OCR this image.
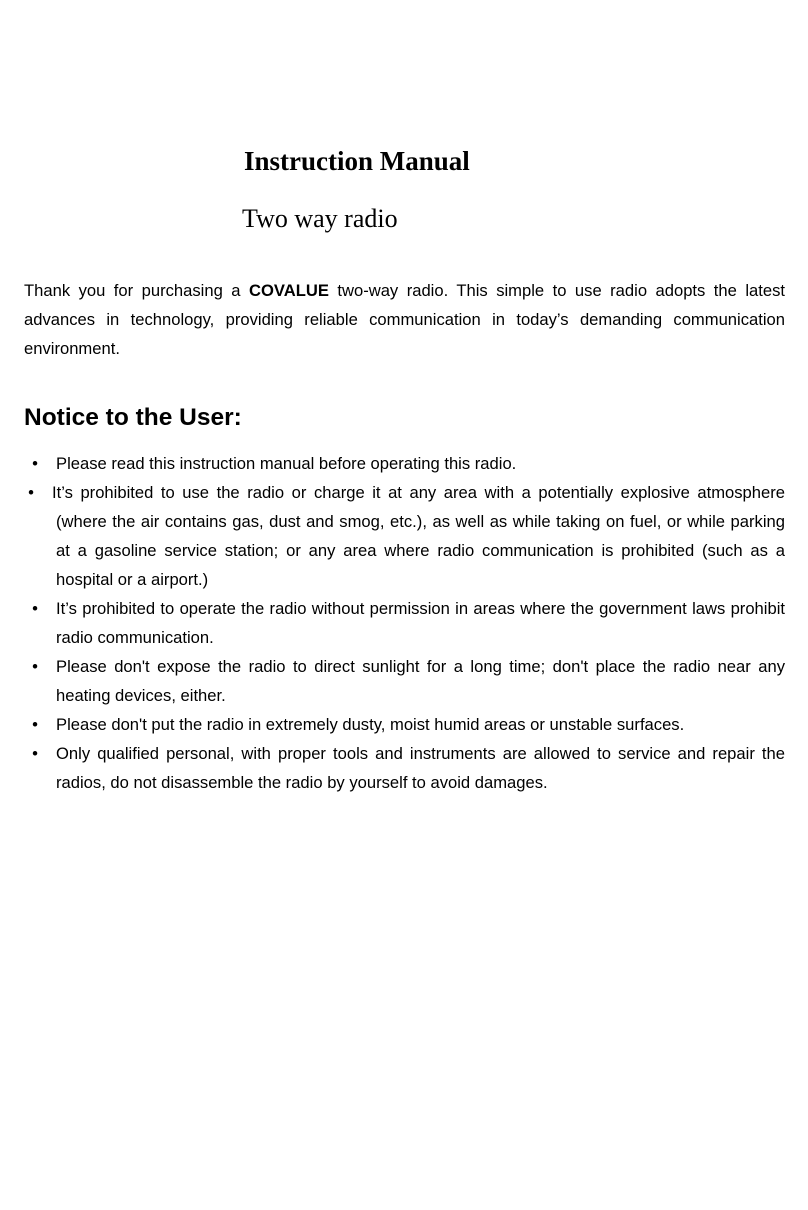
Instruction Manual
Two way radio

Thank you for purchasing a COVALUE two-way radio. This simple to use radio adopts the latest advances in technology, providing reliable communication in today’s demanding communication environment.

Notice to the User:
• Please read this instruction manual before operating this radio.
• It’s prohibited to use the radio or charge it at any area with a potentially explosive atmosphere (where the air contains gas, dust and smog, etc.), as well as while taking on fuel, or while parking at a gasoline service station; or any area where radio communication is prohibited (such as a hospital or a airport.)
• It’s prohibited to operate the radio without permission in areas where the government laws prohibit radio communication.
• Please don't expose the radio to direct sunlight for a long time; don't place the radio near any heating devices, either.
• Please don't put the radio in extremely dusty, moist humid areas or unstable surfaces.
• Only qualified personal, with proper tools and instruments are allowed to service and repair the radios, do not disassemble the radio by yourself to avoid damages.
